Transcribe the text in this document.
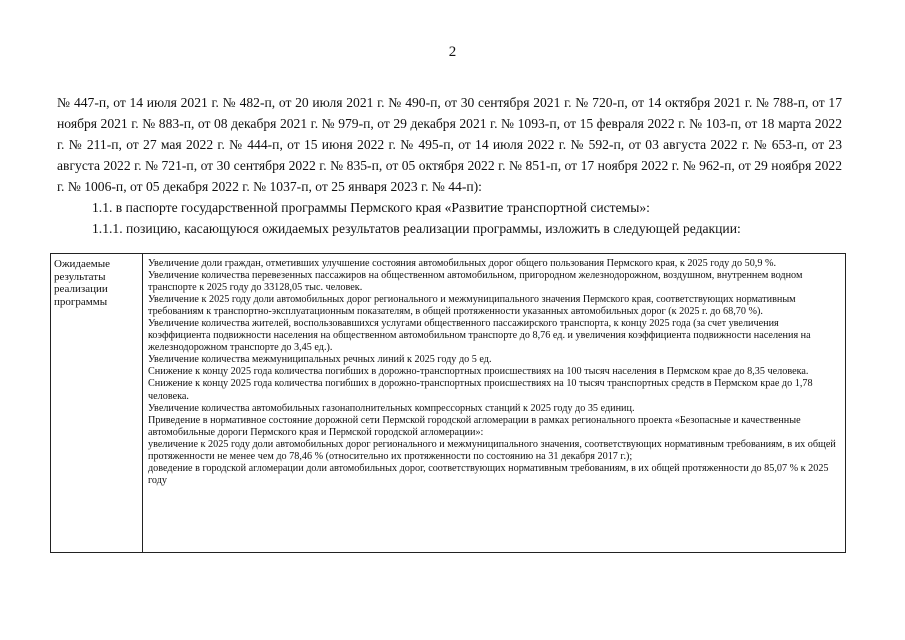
2

№ 447-п, от 14 июля 2021 г. № 482-п, от 20 июля 2021 г. № 490-п, от 30 сентября 2021 г. № 720-п, от 14 октября 2021 г. № 788-п, от 17 ноября 2021 г. № 883-п, от 08 декабря 2021 г. № 979-п, от 29 декабря 2021 г. № 1093-п, от 15 февраля 2022 г. № 103-п, от 18 марта 2022 г. № 211-п, от 27 мая 2022 г. № 444-п, от 15 июня 2022 г. № 495-п, от 14 июля 2022 г. № 592-п, от 03 августа 2022 г. № 653-п, от 23 августа 2022 г. № 721-п, от 30 сентября 2022 г. № 835-п, от 05 октября 2022 г. № 851-п, от 17 ноября 2022 г. № 962-п, от 29 ноября 2022 г. № 1006-п, от 05 декабря 2022 г. № 1037-п, от 25 января 2023 г. № 44-п):

1.1. в паспорте государственной программы Пермского края «Развитие транспортной системы»:

1.1.1. позицию, касающуюся ожидаемых результатов реализации программы, изложить в следующей редакции:

Ожидаемые результаты реализации программы
Увеличение доли граждан, отметивших улучшение состояния автомобильных дорог общего пользования Пермского края, к 2025 году до 50,9 %.
Увеличение количества перевезенных пассажиров на общественном автомобильном, пригородном железнодорожном, воздушном, внутреннем водном транспорте к 2025 году до 33128,05 тыс. человек.
Увеличение к 2025 году доли автомобильных дорог регионального и межмуниципального значения Пермского края, соответствующих нормативным требованиям к транспортно-эксплуатационным показателям, в общей протяженности указанных автомобильных дорог (к 2025 г. до 68,70 %).
Увеличение количества жителей, воспользовавшихся услугами общественного пассажирского транспорта, к концу 2025 года (за счет увеличения коэффициента подвижности населения на общественном автомобильном транспорте до 8,76 ед. и увеличения коэффициента подвижности населения на железнодорожном транспорте до 3,45 ед.).
Увеличение количества межмуниципальных речных линий к 2025 году до 5 ед.
Снижение к концу 2025 года количества погибших в дорожно-транспортных происшествиях на 100 тысяч населения в Пермском крае до 8,35 человека.
Снижение к концу 2025 года количества погибших в дорожно-транспортных происшествиях на 10 тысяч транспортных средств в Пермском крае до 1,78 человека.
Увеличение количества автомобильных газонаполнительных компрессорных станций к 2025 году до 35 единиц.
Приведение в нормативное состояние дорожной сети Пермской городской агломерации в рамках регионального проекта «Безопасные и качественные автомобильные дороги Пермского края и Пермской городской агломерации»:
увеличение к 2025 году доли автомобильных дорог регионального и межмуниципального значения, соответствующих нормативным требованиям, в их общей протяженности не менее чем до 78,46 % (относительно их протяженности по состоянию на 31 декабря 2017 г.);
доведение в городской агломерации доли автомобильных дорог, соответствующих нормативным требованиям, в их общей протяженности до 85,07 % к 2025 году
